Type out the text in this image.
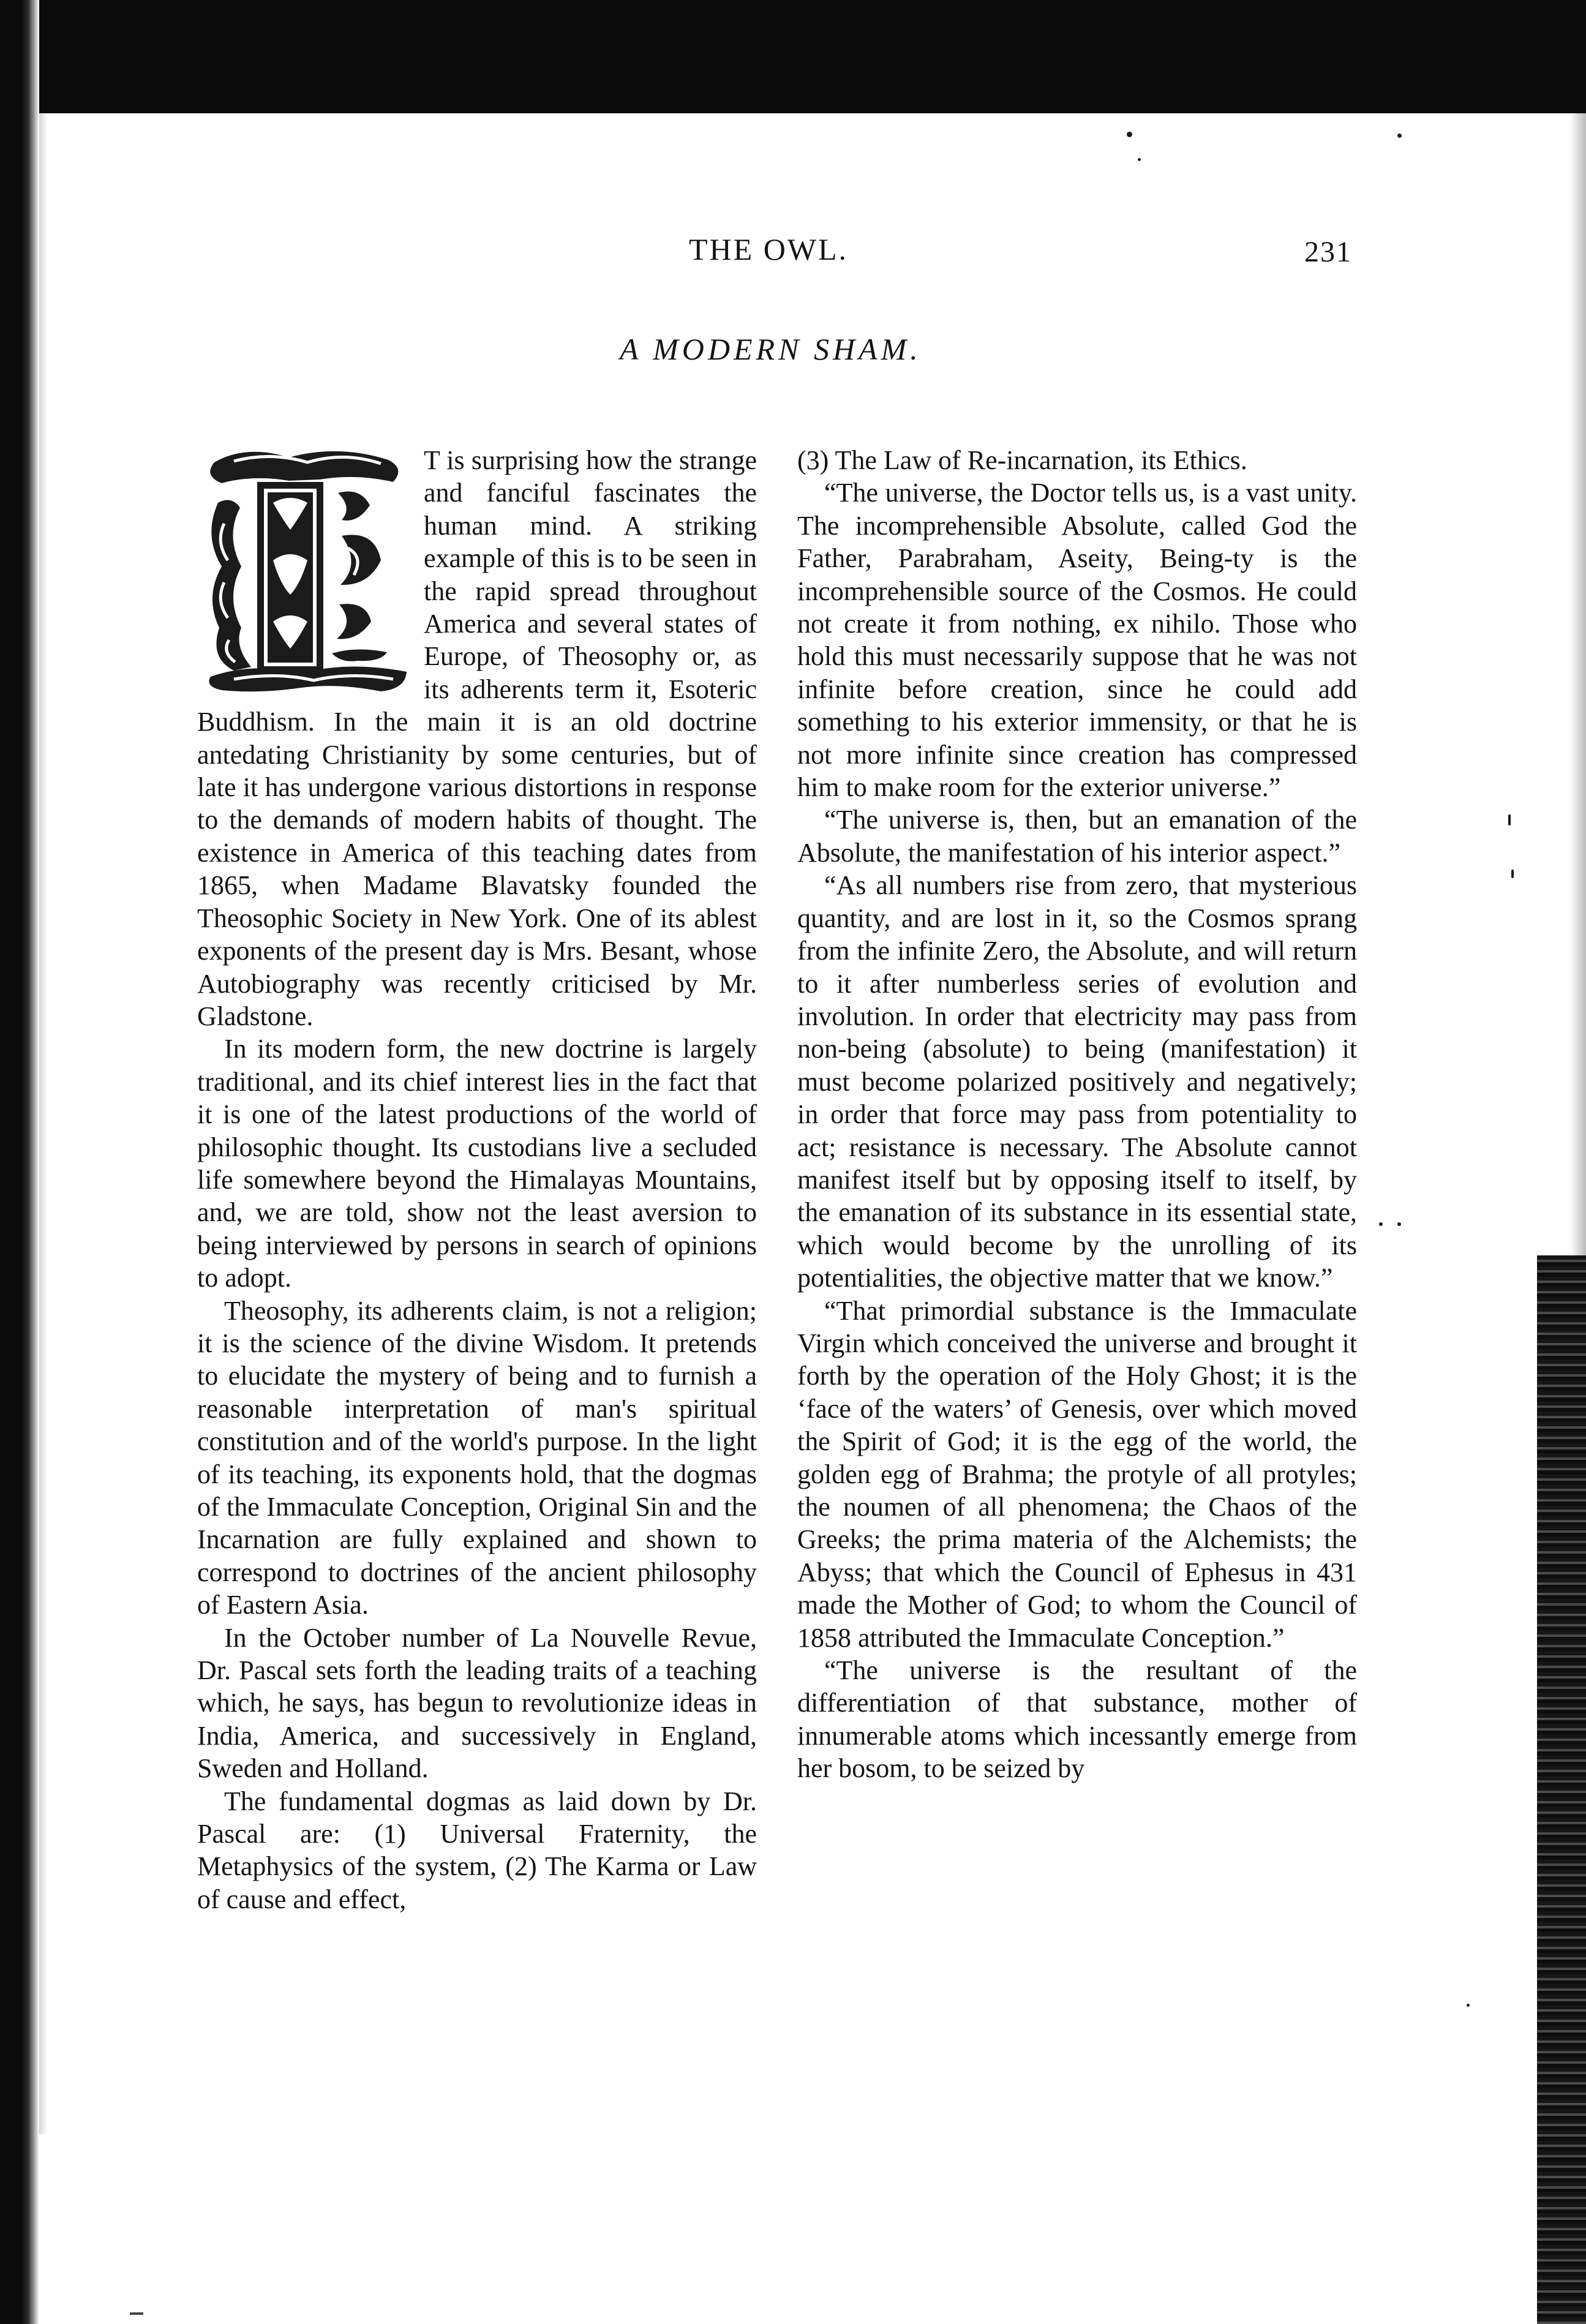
THE OWL.	231
A MODERN SHAM.

T is surprising how the strange and fanciful fascinates the human mind. A striking example of this is to be seen in the rapid spread throughout America and several states of Europe, of Theosophy or, as its adherents term it, Esoteric Buddhism. In the main it is an old doctrine antedating Christianity by some centuries, but of late it has undergone various distortions in response to the demands of modern habits of thought. The existence in America of this teaching dates from 1865, when Madame Blavatsky founded the Theosophic Society in New York. One of its ablest exponents of the present day is Mrs. Besant, whose Autobiography was recently criticised by Mr. Gladstone.

In its modern form, the new doctrine is largely traditional, and its chief interest lies in the fact that it is one of the latest productions of the world of philosophic thought. Its custodians live a secluded life somewhere beyond the Himalayas Mountains, and, we are told, show not the least aversion to being interviewed by persons in search of opinions to adopt.

Theosophy, its adherents claim, is not a religion; it is the science of the divine Wisdom. It pretends to elucidate the mystery of being and to furnish a reasonable interpretation of man's spiritual constitution and of the world's purpose. In the light of its teaching, its exponents hold, that the dogmas of the Immaculate Conception, Original Sin and the Incarnation are fully explained and shown to correspond to doctrines of the ancient philosophy of Eastern Asia.

In the October number of La Nouvelle Revue, Dr. Pascal sets forth the leading traits of a teaching which, he says, has begun to revolutionize ideas in India, America, and successively in England, Sweden and Holland.

The fundamental dogmas as laid down by Dr. Pascal are: (1) Universal Fraternity, the Metaphysics of the system, (2) The Karma or Law of cause and effect,

(3) The Law of Re-incarnation, its Ethics.

“The universe, the Doctor tells us, is a vast unity. The incomprehensible Absolute, called God the Father, Parabraham, Aseity, Being-ty is the incomprehensible source of the Cosmos. He could not create it from nothing, ex nihilo. Those who hold this must necessarily suppose that he was not infinite before creation, since he could add something to his exterior immensity, or that he is not more infinite since creation has compressed him to make room for the exterior universe.”

“The universe is, then, but an emanation of the Absolute, the manifestation of his interior aspect.”

“As all numbers rise from zero, that mysterious quantity, and are lost in it, so the Cosmos sprang from the infinite Zero, the Absolute, and will return to it after numberless series of evolution and involution. In order that electricity may pass from non-being (absolute) to being (manifestation) it must become polarized positively and negatively; in order that force may pass from potentiality to act; resistance is necessary. The Absolute cannot manifest itself but by opposing itself to itself, by the emanation of its substance in its essential state, which would become by the unrolling of its potentialities, the objective matter that we know.”

“That primordial substance is the Immaculate Virgin which conceived the universe and brought it forth by the operation of the Holy Ghost; it is the ‘face of the waters’ of Genesis, over which moved the Spirit of God; it is the egg of the world, the golden egg of Brahma; the protyle of all protyles; the noumen of all phenomena; the Chaos of the Greeks; the prima materia of the Alchemists; the Abyss; that which the Council of Ephesus in 431 made the Mother of God; to whom the Council of 1858 attributed the Immaculate Conception.”

“The universe is the resultant of the differentiation of that substance, mother of innumerable atoms which incessantly emerge from her bosom, to be seized by
